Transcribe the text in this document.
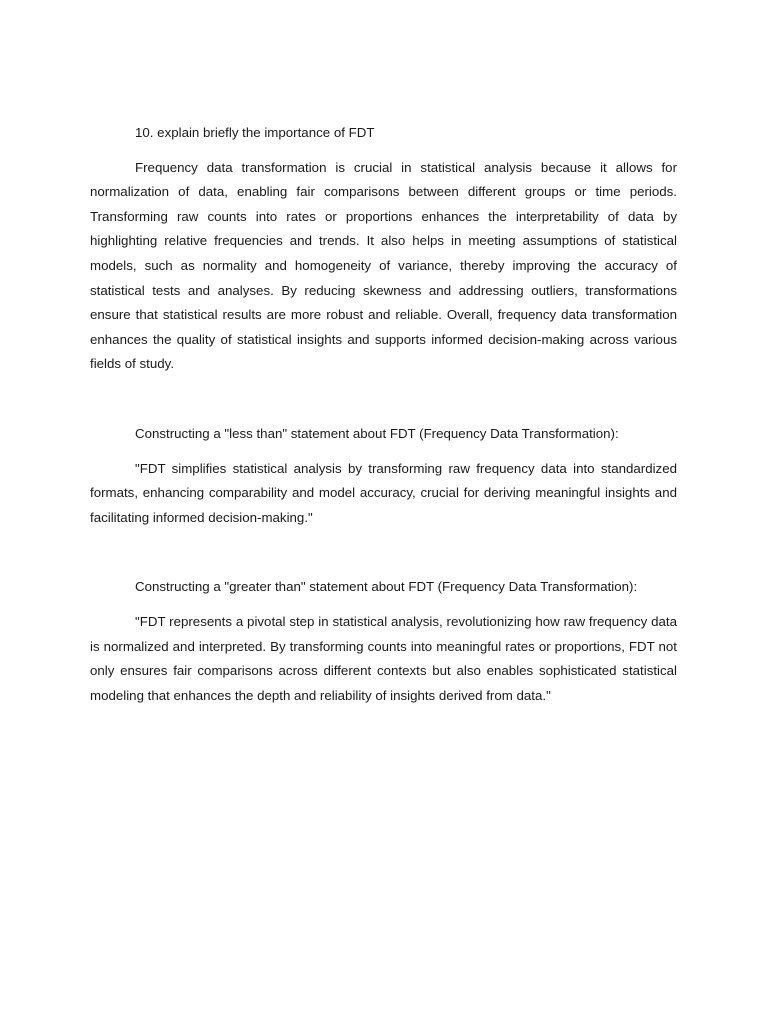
10. explain briefly the importance of FDT

Frequency data transformation is crucial in statistical analysis because it allows for normalization of data, enabling fair comparisons between different groups or time periods. Transforming raw counts into rates or proportions enhances the interpretability of data by highlighting relative frequencies and trends. It also helps in meeting assumptions of statistical models, such as normality and homogeneity of variance, thereby improving the accuracy of statistical tests and analyses. By reducing skewness and addressing outliers, transformations ensure that statistical results are more robust and reliable. Overall, frequency data transformation enhances the quality of statistical insights and supports informed decision-making across various fields of study.

Constructing a "less than" statement about FDT (Frequency Data Transformation):

"FDT simplifies statistical analysis by transforming raw frequency data into standardized formats, enhancing comparability and model accuracy, crucial for deriving meaningful insights and facilitating informed decision-making."

Constructing a "greater than" statement about FDT (Frequency Data Transformation):

"FDT represents a pivotal step in statistical analysis, revolutionizing how raw frequency data is normalized and interpreted. By transforming counts into meaningful rates or proportions, FDT not only ensures fair comparisons across different contexts but also enables sophisticated statistical modeling that enhances the depth and reliability of insights derived from data."
